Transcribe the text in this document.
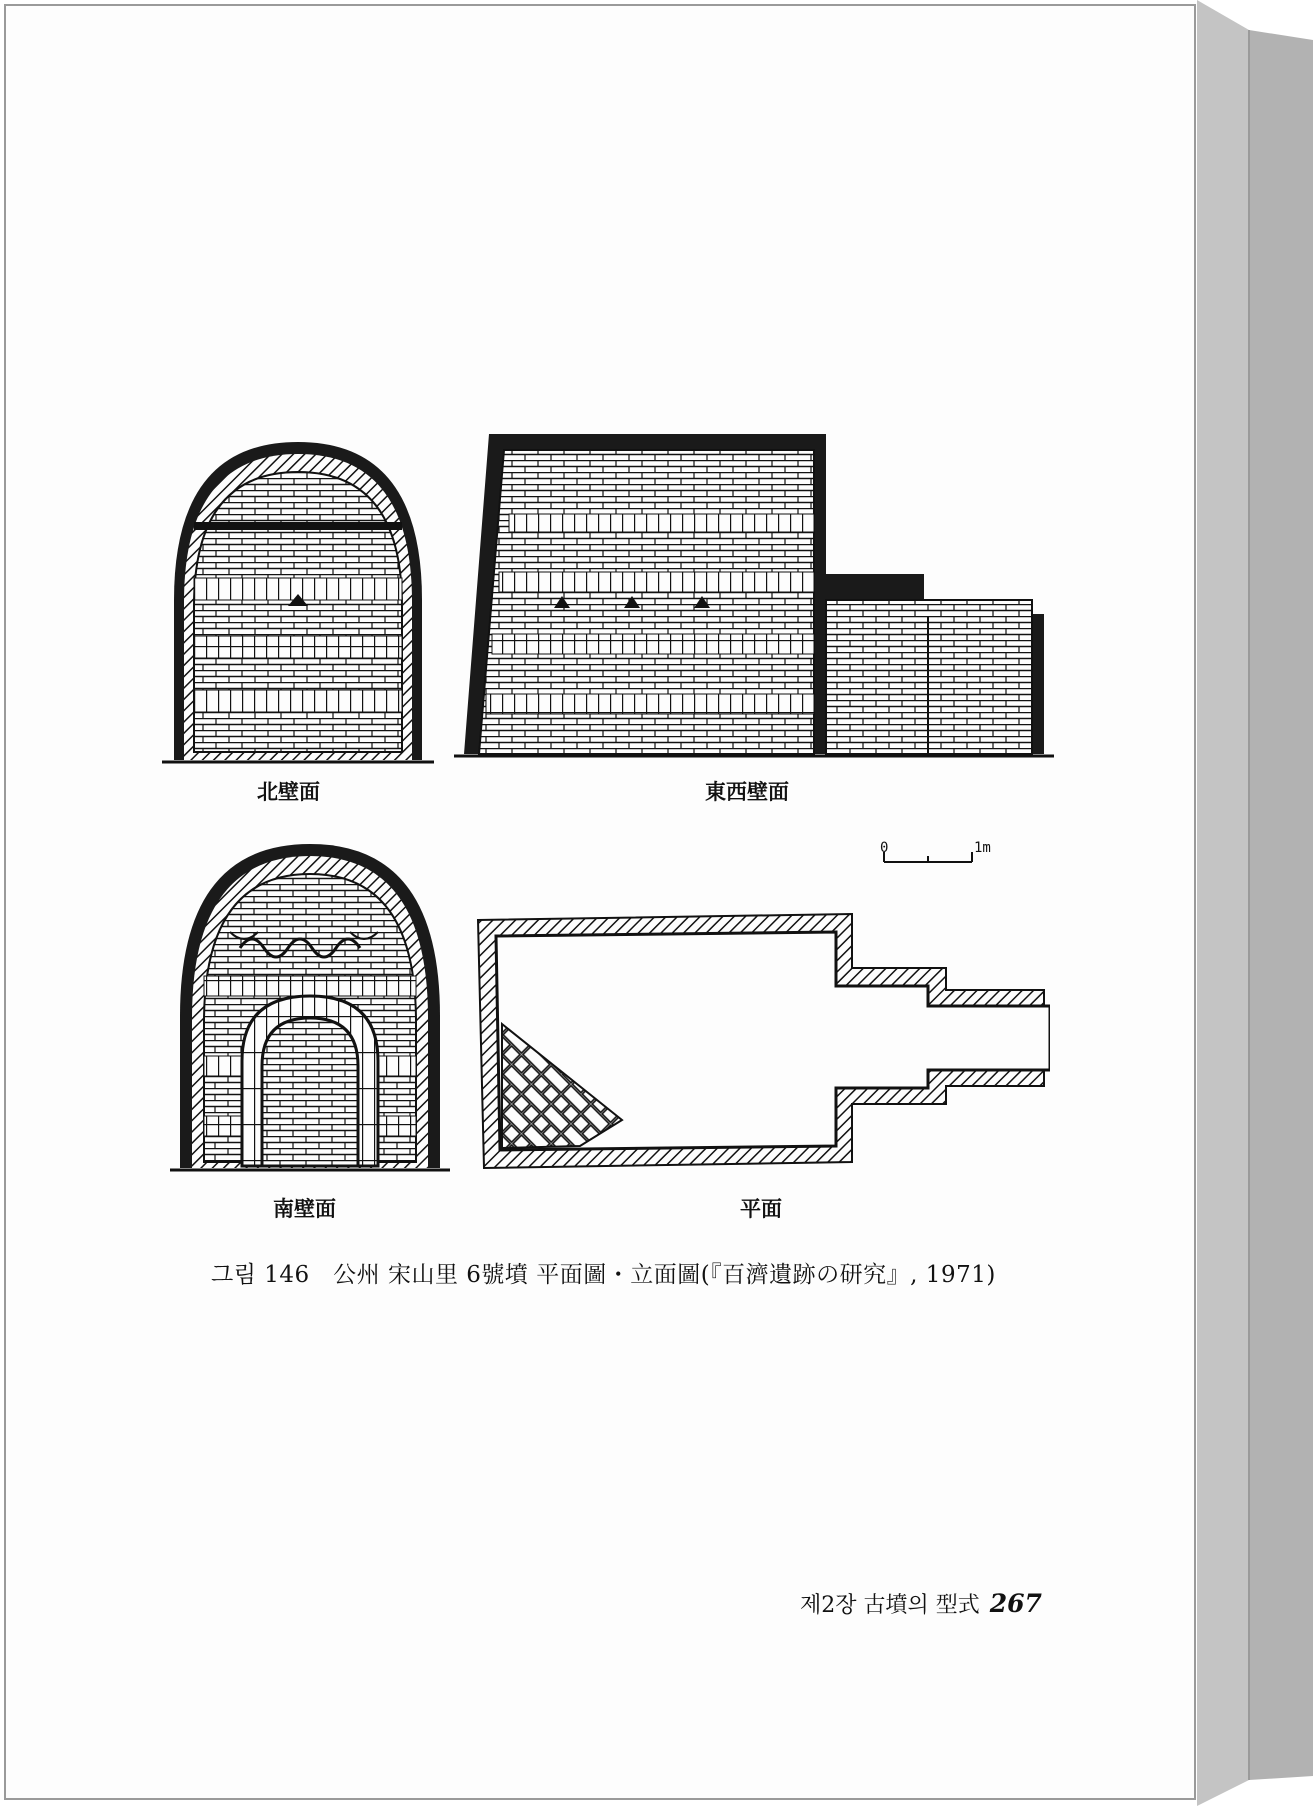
北壁面	東西壁面
0	1m
南壁面	平面
그림 146　公州 宋山里 6號墳 平面圖・立面圖(『百濟遺跡の研究』, 1971)
제2장 古墳의 型式 267
